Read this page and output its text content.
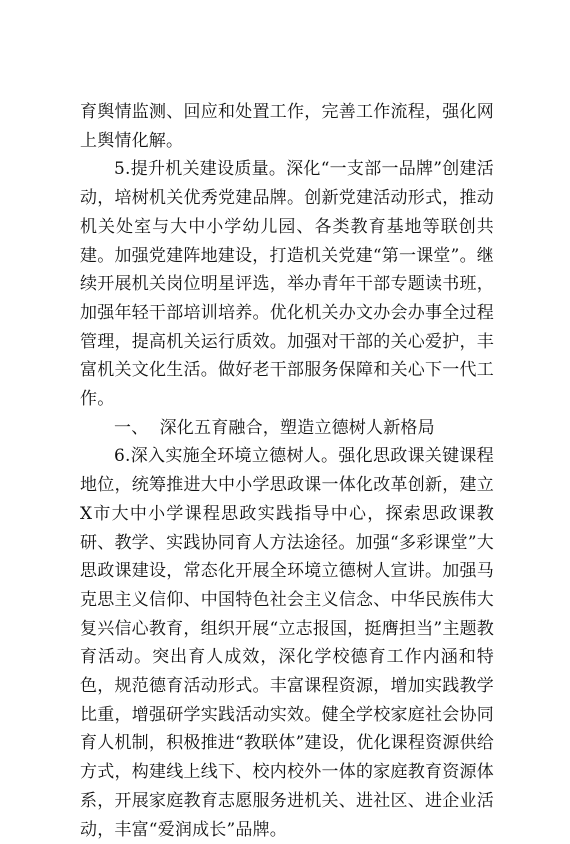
育舆情监测、回应和处置工作，完善工作流程，强化网上舆情化解。

5.提升机关建设质量。深化“一支部一品牌”创建活动，培树机关优秀党建品牌。创新党建活动形式，推动机关处室与大中小学幼儿园、各类教育基地等联创共建。加强党建阵地建设，打造机关党建“第一课堂”。继续开展机关岗位明星评选，举办青年干部专题读书班，加强年轻干部培训培养。优化机关办文办会办事全过程管理，提高机关运行质效。加强对干部的关心爱护，丰富机关文化生活。做好老干部服务保障和关心下一代工作。

一、  深化五育融合，塑造立德树人新格局

6.深入实施全环境立德树人。强化思政课关键课程地位，统筹推进大中小学思政课一体化改革创新，建立X市大中小学课程思政实践指导中心，探索思政课教研、教学、实践协同育人方法途径。加强“多彩课堂”大思政课建设，常态化开展全环境立德树人宣讲。加强马克思主义信仰、中国特色社会主义信念、中华民族伟大复兴信心教育，组织开展“立志报国，挺膺担当”主题教育活动。突出育人成效，深化学校德育工作内涵和特色，规范德育活动形式。丰富课程资源，增加实践教学比重，增强研学实践活动实效。健全学校家庭社会协同育人机制，积极推进“教联体”建设，优化课程资源供给方式，构建线上线下、校内校外一体的家庭教育资源体系，开展家庭教育志愿服务进机关、进社区、进企业活动，丰富“爱润成长”品牌。
